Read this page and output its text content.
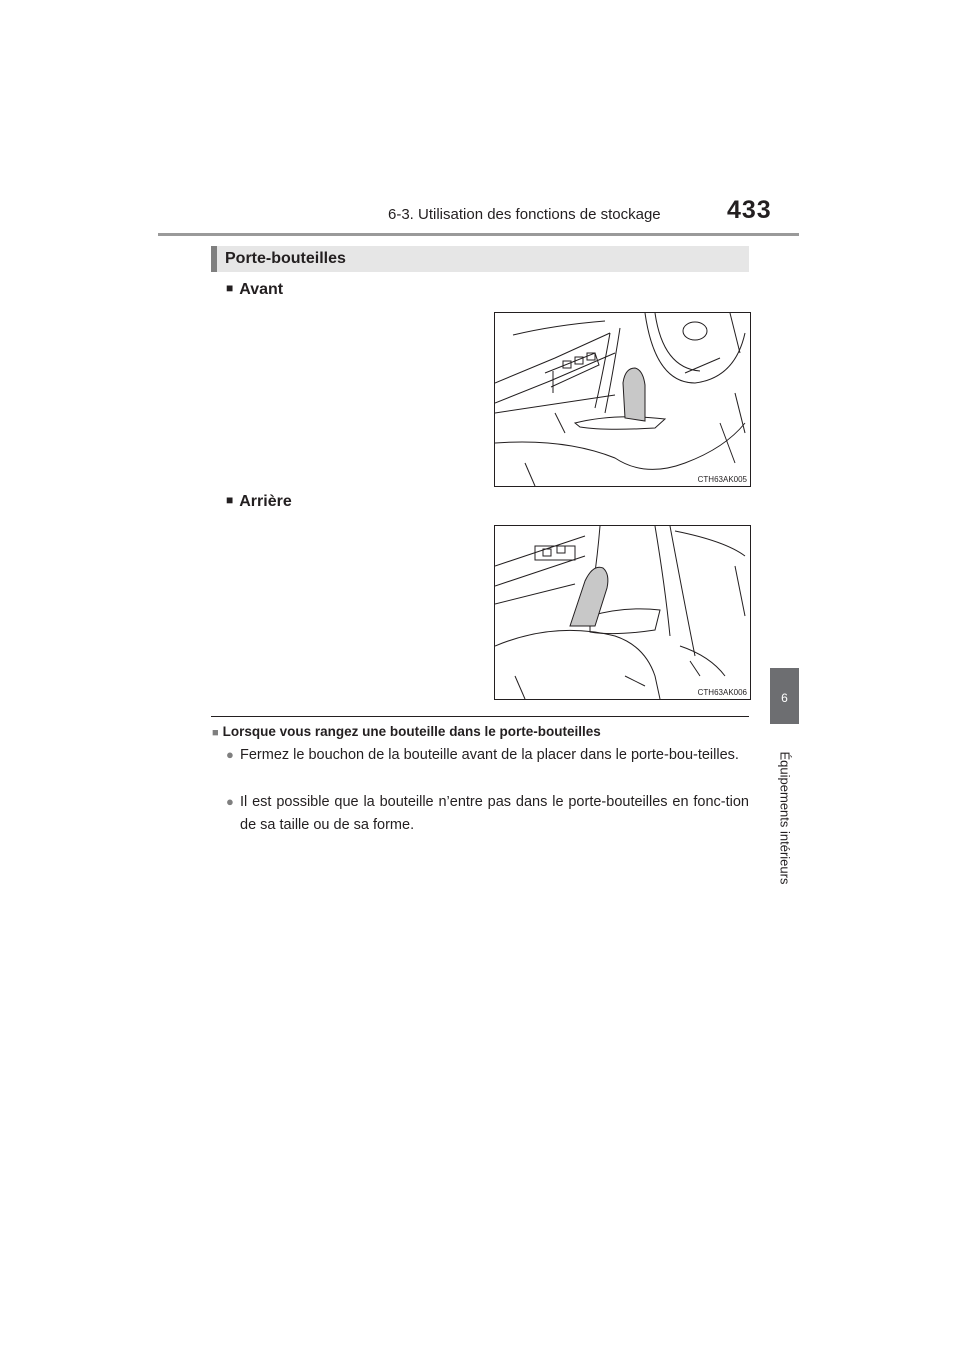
6-3. Utilisation des fonctions de stockage	433
6
Équipements intérieurs
Porte-bouteilles
■ Avant
CTH63AK005
■ Arrière
CTH63AK006
■ Lorsque vous rangez une bouteille dans le porte-bouteilles
● Fermez le bouchon de la bouteille avant de la placer dans le porte-bou-teilles.
● Il est possible que la bouteille n’entre pas dans le porte-bouteilles en fonc-tion de sa taille ou de sa forme.
